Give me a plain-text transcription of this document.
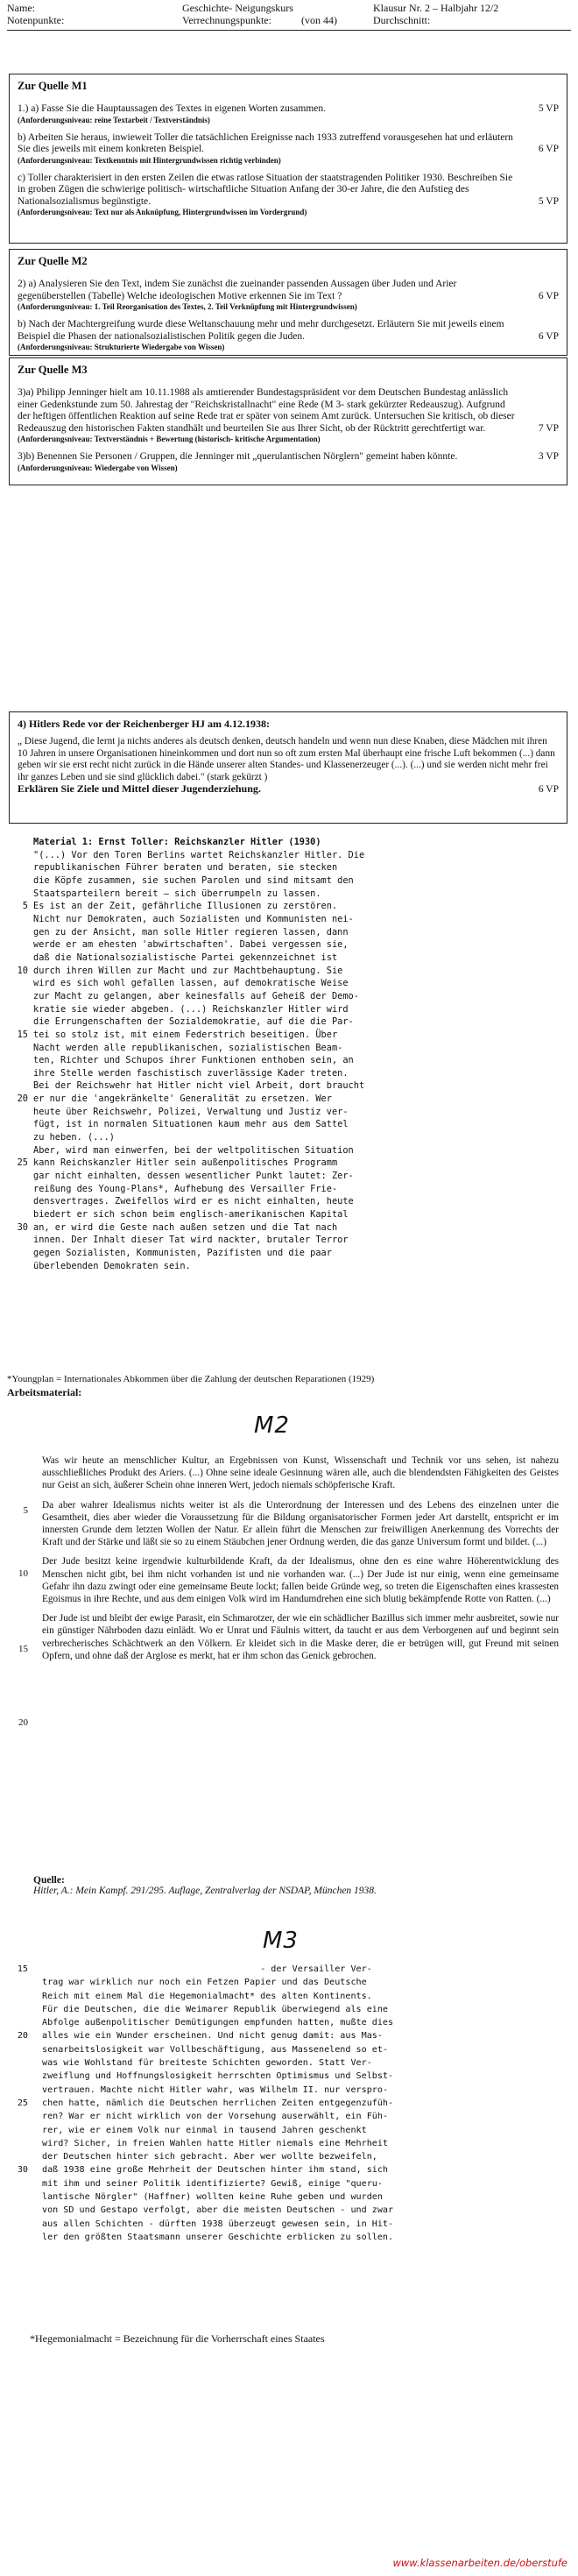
Name:	Geschichte- Neigungskurs	Klausur Nr. 2 – Halbjahr 12/2
Notenpunkte:	Verrechnungspunkte:	(von 44)	Durchschnitt:
Zur Quelle M1
1.) a) Fasse Sie die Hauptaussagen des Textes in eigenen Worten zusammen.
(Anforderungsniveau: reine Textarbeit / Textverständnis)
5 VP
b) Arbeiten Sie heraus, inwieweit Toller die tatsächlichen Ereignisse nach 1933 zutreffend vorausgesehen hat und erläutern Sie dies jeweils mit einem konkreten Beispiel.
(Anforderungsniveau: Textkenntnis mit Hintergrundwissen richtig verbinden)
6 VP
c) Toller charakterisiert in den ersten Zeilen die etwas ratlose Situation der staatstragenden Politiker 1930. Beschreiben Sie in groben Zügen die schwierige politisch- wirtschaftliche Situation Anfang der 30-er Jahre, die den Aufstieg des Nationalsozialismus begünstigte.
(Anforderungsniveau: Text nur als Anknüpfung, Hintergrundwissen im Vordergrund)
5 VP
Zur Quelle M2
2) a) Analysieren Sie den Text, indem Sie zunächst die zueinander passenden Aussagen über Juden und Arier gegenüberstellen (Tabelle) Welche ideologischen Motive erkennen Sie im Text ?
(Anforderungsniveau: 1. Teil Reorganisation des Textes, 2. Teil Verknüpfung mit Hintergrundwissen)
6 VP
b) Nach der Machtergreifung wurde diese Weltanschauung mehr und mehr durchgesetzt. Erläutern Sie mit jeweils einem Beispiel die Phasen der nationalsozialistischen Politik gegen die Juden.
(Anforderungsniveau: Strukturierte Wiedergabe von Wissen)
6 VP
Zur Quelle M3
3)a) Philipp Jenninger hielt am 10.11.1988 als amtierender Bundestagspräsident vor dem Deutschen Bundestag anlässlich einer Gedenkstunde zum 50. Jahrestag der "Reichskristallnacht" eine Rede (M 3- stark gekürzter Redeauszug). Aufgrund der heftigen öffentlichen Reaktion auf seine Rede trat er später von seinem Amt zurück. Untersuchen Sie kritisch, ob dieser Redeauszug den historischen Fakten standhält und beurteilen Sie aus Ihrer Sicht, ob der Rücktritt gerechtfertigt war.
(Anforderungsniveau: Textverständnis + Bewertung (historisch- kritische Argumentation)
7 VP
3)b) Benennen Sie Personen / Gruppen, die Jenninger mit „querulantischen Nörglern" gemeint haben könnte.
(Anforderungsniveau: Wiedergabe von Wissen)
3 VP

Material 1: Ernst Toller: Reichskanzler Hitler (1930)

"(...) Vor den Toren Berlins wartet Reichskanzler Hitler. Die

republikanischen Führer beraten und beraten, sie stecken

die Köpfe zusammen, sie suchen Parolen und sind mitsamt den

Staatsparteilern bereit – sich überrumpeln zu lassen.

Es ist an der Zeit, gefährliche Illusionen zu zerstören.
5

Nicht nur Demokraten, auch Sozialisten und Kommunisten nei-

gen zu der Ansicht, man solle Hitler regieren lassen, dann

werde er am ehesten 'abwirtschaften'. Dabei vergessen sie,

daß die Nationalsozialistische Partei gekennzeichnet ist

durch ihren Willen zur Macht und zur Machtbehauptung. Sie
10

wird es sich wohl gefallen lassen, auf demokratische Weise

zur Macht zu gelangen, aber keinesfalls auf Geheiß der Demo-

kratie sie wieder abgeben. (...) Reichskanzler Hitler wird

die Errungenschaften der Sozialdemokratie, auf die die Par-

tei so stolz ist, mit einem Federstrich beseitigen. Über
15

Nacht werden alle republikanischen, sozialistischen Beam-

ten, Richter und Schupos ihrer Funktionen enthoben sein, an

ihre Stelle werden faschistisch zuverlässige Kader treten.

Bei der Reichswehr hat Hitler nicht viel Arbeit, dort braucht

er nur die 'angekränkelte' Generalität zu ersetzen. Wer
20

heute über Reichswehr, Polizei, Verwaltung und Justiz ver-

fügt, ist in normalen Situationen kaum mehr aus dem Sattel

zu heben. (...)

Aber, wird man einwerfen, bei der weltpolitischen Situation

kann Reichskanzler Hitler sein außenpolitisches Programm
25

gar nicht einhalten, dessen wesentlicher Punkt lautet: Zer-

reißung des Young-Plans*, Aufhebung des Versailler Frie-

densvertrages. Zweifellos wird er es nicht einhalten, heute

biedert er sich schon beim englisch-amerikanischen Kapital

an, er wird die Geste nach außen setzen und die Tat nach
30

innen. Der Inhalt dieser Tat wird nackter, brutaler Terror

gegen Sozialisten, Kommunisten, Pazifisten und die paar

überlebenden Demokraten sein.

4) Hitlers Rede vor der Reichenberger HJ am 4.12.1938:
„ Diese Jugend, die lernt ja nichts anderes als deutsch denken, deutsch handeln und wenn nun diese Knaben, diese Mädchen mit ihren 10 Jahren in unsere Organisationen hineinkommen und dort nun so oft zum ersten Mal überhaupt eine frische Luft bekommen (...) dann geben wir sie erst recht nicht zurück in die Hände unserer alten Standes- und Klassenerzeuger (...). (...) und sie werden nicht mehr frei ihr ganzes Leben und sie sind glücklich dabei." (stark gekürzt )
Erklären Sie Ziele und Mittel dieser Jugenderziehung.	6 VP
*Youngplan = Internationales Abkommen über die Zahlung der deutschen Reparationen (1929)
Arbeitsmaterial:
M2

Was wir heute an menschlicher Kultur, an Ergebnissen von Kunst, Wissenschaft und Technik vor uns sehen, ist nahezu ausschließliches Produkt des Ariers. (...) Ohne seine ideale Gesinnung wären alle, auch die blendendsten Fähigkeiten des Geistes nur Geist an sich, äußerer Schein ohne inneren Wert, jedoch niemals schöpferische Kraft.

Da aber wahrer Idealismus nichts weiter ist als die Unterordnung der Interessen und des Lebens des einzelnen unter die Gesamtheit, dies aber wieder die Voraussetzung für die Bildung organisatorischer Formen jeder Art darstellt, entspricht er im innersten Grunde dem letzten Wollen der Natur. Er allein führt die Menschen zur freiwilligen Anerkennung des Vorrechts der Kraft und der Stärke und läßt sie so zu einem Stäubchen jener Ordnung werden, die das ganze Universum formt und bildet. (...)

Der Jude besitzt keine irgendwie kulturbildende Kraft, da der Idealismus, ohne den es eine wahre Höherentwicklung des Menschen nicht gibt, bei ihm nicht vorhanden ist und nie vorhanden war. (...) Der Jude ist nur einig, wenn eine gemeinsame Gefahr ihn dazu zwingt oder eine gemeinsame Beute lockt; fallen beide Gründe weg, so treten die Eigenschaften eines krassesten Egoismus in ihre Rechte, und aus dem einigen Volk wird im Handumdrehen eine sich blutig bekämpfende Rotte von Ratten. (...)

Der Jude ist und bleibt der ewige Parasit, ein Schmarotzer, der wie ein schädlicher Bazillus sich immer mehr ausbreitet, sowie nur ein günstiger Nährboden dazu einlädt. Wo er Unrat und Fäulnis wittert, da taucht er aus dem Verborgenen auf und beginnt sein verbrecherisches Schächtwerk an den Völkern. Er kleidet sich in die Maske derer, die er betrügen will, gut Freund mit seinen Opfern, und ohne daß der Arglose es merkt, hat er ihm schon das Genick gebrochen.

5
10
15
20
Quelle:
Hitler, A.: Mein Kampf. 291/295. Auflage, Zentralverlag der NSDAP, München 1938.
M3

- der Versailler Ver-
15

trag war wirklich nur noch ein Fetzen Papier und das Deutsche

Reich mit einem Mal die Hegemonialmacht* des alten Kontinents.

Für die Deutschen, die die Weimarer Republik überwiegend als eine

Abfolge außenpolitischer Demütigungen empfunden hatten, mußte dies

alles wie ein Wunder erscheinen. Und nicht genug damit: aus Mas-
20

senarbeitslosigkeit war Vollbeschäftigung, aus Massenelend so et-

was wie Wohlstand für breiteste Schichten geworden. Statt Ver-

zweiflung und Hoffnungslosigkeit herrschten Optimismus und Selbst-

vertrauen. Machte nicht Hitler wahr, was Wilhelm II. nur verspro-

chen hatte, nämlich die Deutschen herrlichen Zeiten entgegenzufüh-
25

ren? War er nicht wirklich von der Vorsehung auserwählt, ein Füh-

rer, wie er einem Volk nur einmal in tausend Jahren geschenkt

wird? Sicher, in freien Wahlen hatte Hitler niemals eine Mehrheit

der Deutschen hinter sich gebracht. Aber wer wollte bezweifeln,

daß 1938 eine große Mehrheit der Deutschen hinter ihm stand, sich
30

mit ihm und seiner Politik identifizierte? Gewiß, einige "queru-

lantische Nörgler" (Haffner) wollten keine Ruhe geben und wurden

von SD und Gestapo verfolgt, aber die meisten Deutschen - und zwar

aus allen Schichten - dürften 1938 überzeugt gewesen sein, in Hit-

ler den größten Staatsmann unserer Geschichte erblicken zu sollen.

*Hegemonialmacht = Bezeichnung für die Vorherrschaft eines Staates
www.klassenarbeiten.de/oberstufe
